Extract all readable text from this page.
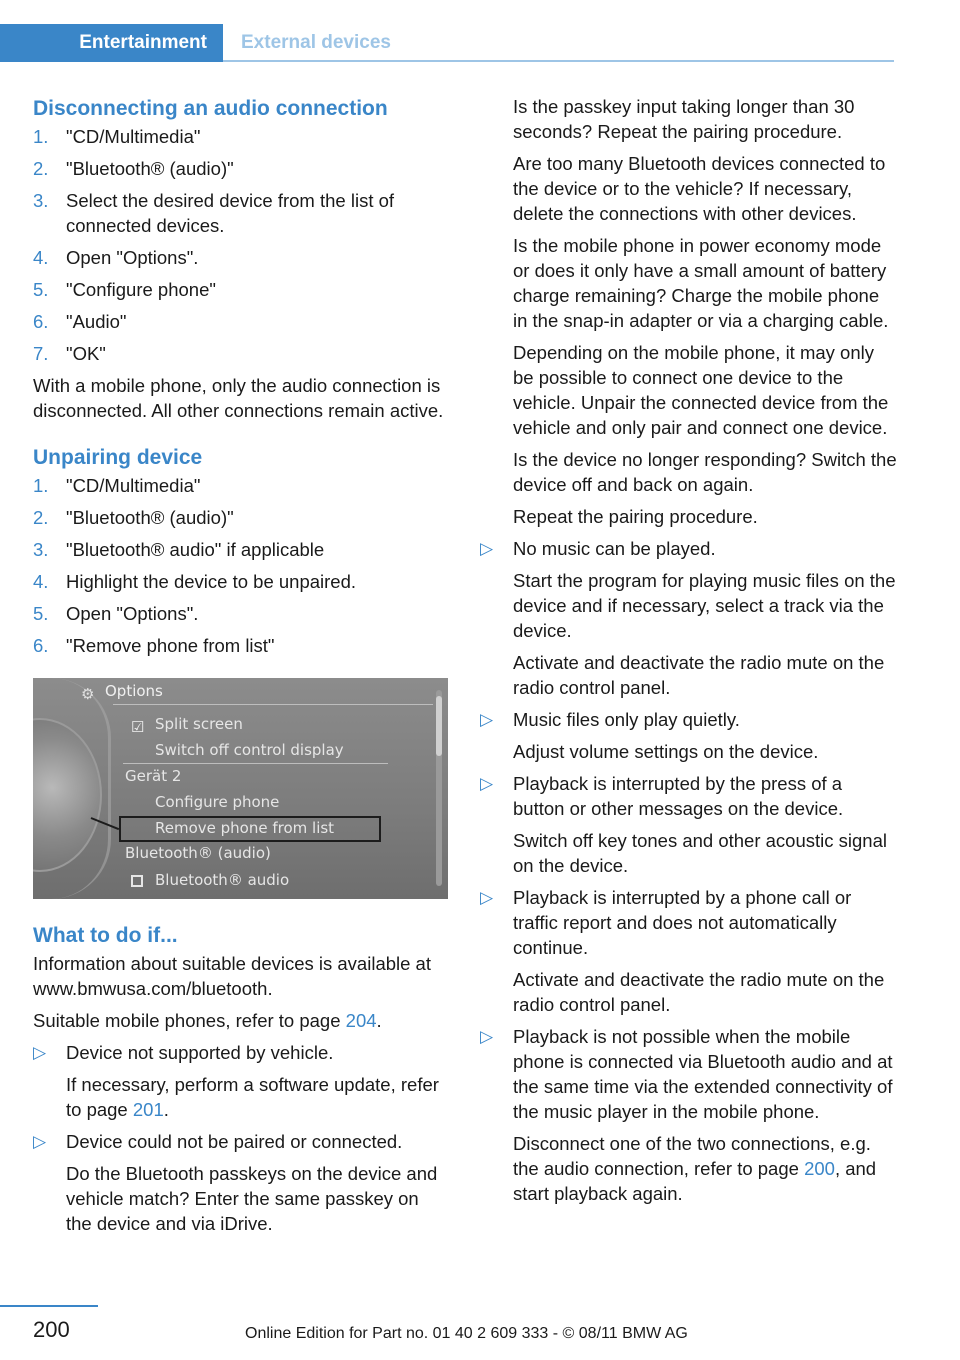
Entertainment	External devices
Disconnecting an audio connection
1. "CD/Multimedia"
2. "Bluetooth® (audio)"
3. Select the desired device from the list of connected devices.
4. Open "Options".
5. "Configure phone"
6. "Audio"
7. "OK"

With a mobile phone, only the audio connection is disconnected. All other connections remain active.

Unpairing device
1. "CD/Multimedia"
2. "Bluetooth® (audio)"
3. "Bluetooth® audio" if applicable
4. Highlight the device to be unpaired.
5. Open "Options".
6. "Remove phone from list"
⚙ Options
☑ Split screen
Switch off control display
Gerät 2
Configure phone
Remove phone from list
Bluetooth® (audio)
Bluetooth® audio
What to do if...

Information about suitable devices is available at www.bmwusa.com/bluetooth.

Suitable mobile phones, refer to page 204.

▷ Device not supported by vehicle.

If necessary, perform a software update, refer to page 201.

▷ Device could not be paired or connected.

Do the Bluetooth passkeys on the device and vehicle match? Enter the same passkey on the device and via iDrive.

Is the passkey input taking longer than 30 seconds? Repeat the pairing procedure.

Are too many Bluetooth devices connected to the device or to the vehicle? If necessary, delete the connections with other devices.

Is the mobile phone in power economy mode or does it only have a small amount of battery charge remaining? Charge the mobile phone in the snap-in adapter or via a charging cable.

Depending on the mobile phone, it may only be possible to connect one device to the vehicle. Unpair the connected device from the vehicle and only pair and connect one device.

Is the device no longer responding? Switch the device off and back on again.

Repeat the pairing procedure.

▷ No music can be played.

Start the program for playing music files on the device and if necessary, select a track via the device.

Activate and deactivate the radio mute on the radio control panel.

▷ Music files only play quietly.

Adjust volume settings on the device.

▷ Playback is interrupted by the press of a button or other messages on the device.

Switch off key tones and other acoustic signal on the device.

▷ Playback is interrupted by a phone call or traffic report and does not automatically continue.

Activate and deactivate the radio mute on the radio control panel.

▷ Playback is not possible when the mobile phone is connected via Bluetooth audio and at the same time via the extended connectivity of the music player in the mobile phone.

Disconnect one of the two connections, e.g. the audio connection, refer to page 200, and start playback again.

200	Online Edition for Part no. 01 40 2 609 333 - © 08/11 BMW AG
